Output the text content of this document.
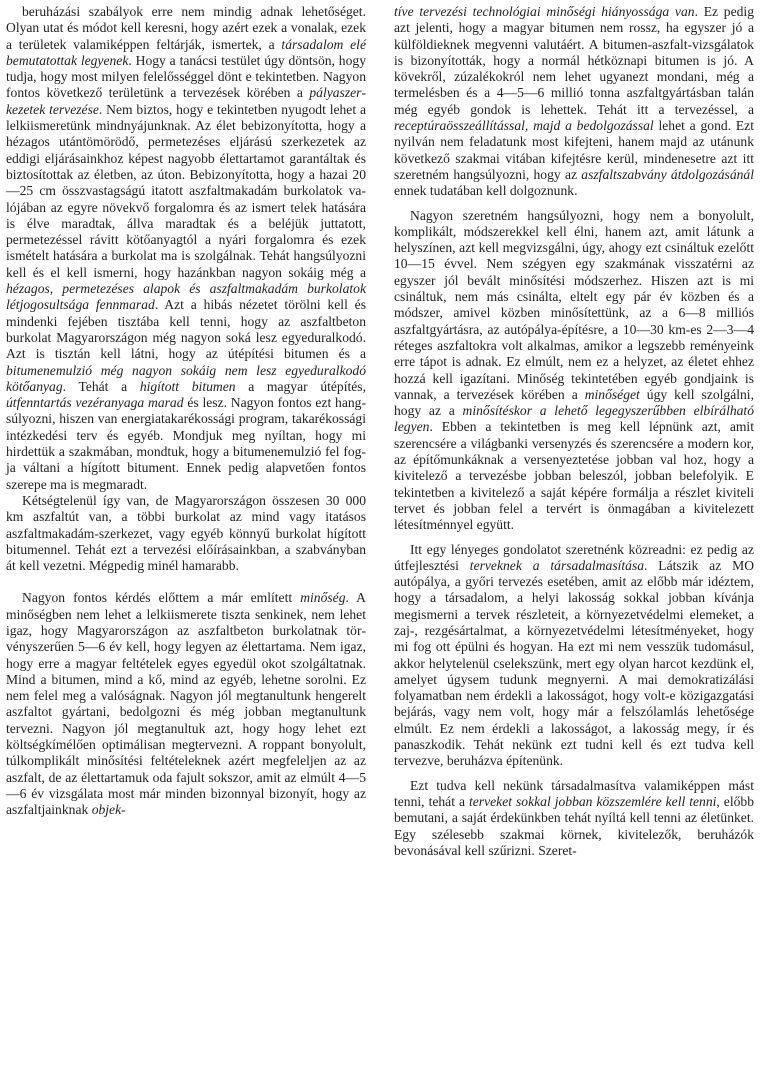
beruházási szabályok erre nem mindig adnak lehetőséget. Olyan utat és módot kell keresni, hogy azért ezek a vonalak, ezek a területek valamiképpen feltárják, ismertek, a társadalom elé bemutatottak legyenek. Hogy a tanácsi testület úgy döntsön, hogy tudja, hogy most milyen felelősséggel dönt e tekintetben. Nagyon fontos következő területünk a tervezések körében a pályaszerkezetek tervezése. Nem biztos, hogy e tekintetben nyugodt lehet a lelkiismeretünk mindnyájunknak. Az élet bebizonyította, hogy a hézagos utántömörödő, permetezéses eljárású szerkezetek az eddigi eljárásainkhoz képest nagyobb élettartamot garantáltak és biztosítottak az életben, az úton. Bebizonyította, hogy a hazai 20—25 cm összvastagságú itatott aszfaltmakadám burkolatok valójában az egyre növekvő forgalomra és az ismert telek hatására is élve maradtak, állva maradtak és a beléjük juttatott, permetezéssel rávitt kötőanyagtól a nyári forgalomra és ezek ismételt hatására a burkolat ma is szolgálnak. Tehát hangsúlyozni kell és el kell ismerni, hogy hazánkban nagyon sokáig még a hézagos, permetezéses alapok és aszfaltmakadám burkolatok létjogosultsága fennmarad. Azt a hibás nézetet törölni kell és mindenki fejében tisztába kell tenni, hogy az aszfaltbeton burkolat Magyarországon még nagyon soká lesz egyeduralkodó. Azt is tisztán kell látni, hogy az útépítési bitumen és a bitumenemulzió még nagyon sokáig nem lesz egyeduralkodó kötőanyag. Tehát a higított bitumen a magyar útépítés, útfenntartás vezéranyaga marad és lesz. Nagyon fontos ezt hangsúlyozni, hiszen van energiatakarékossági program, takarékossági intézkedési terv és egyéb. Mondjuk meg nyíltan, hogy mi hirdettük a szakmában, mondtuk, hogy a bitumenemulzió fel fogja váltani a hígított bitument. Ennek pedig alapvetően fontos szerepe ma is megmaradt.

Kétségtelenül így van, de Magyarországon összesen 30 000 km aszfaltút van, a többi burkolat az mind vagy itatásos aszfaltmakadám-szerkezet, vagy egyéb könnyű burkolat hígított bitumennel. Tehát ezt a tervezési előírásainkban, a szabványban át kell vezetni. Mégpedig minél hamarabb.

Nagyon fontos kérdés előttem a már említett minőség. A minőségben nem lehet a lelkiismerete tiszta senkinek, nem lehet igaz, hogy Magyarországon az aszfaltbeton burkolatnak törvényszerűen 5—6 év kell, hogy legyen az élettartama. Nem igaz, hogy erre a magyar feltételek egyes egyedül okot szolgáltatnak. Mind a bitumen, mind a kő, mind az egyéb, lehetne sorolni. Ez nem felel meg a valóságnak. Nagyon jól megtanultunk hengerelt aszfaltot gyártani, bedolgozni és még jobban megtanultunk tervezni. Nagyon jól megtanultuk azt, hogy hogy lehet ezt költségkímélően optimálisan megtervezni. A roppant bonyolult, túlkomplikált minősítési feltételeknek azért megfeleljen az az aszfalt, de az élettartamuk oda fajult sokszor, amit az elmúlt 4—5—6 év vizsgálata most már minden bizonnyal bizonyít, hogy az aszfaltjainknak objek-

tíve tervezési technológiai minőségi hiányossága van. Ez pedig azt jelenti, hogy a magyar bitumen nem rossz, ha egyszer jó a külföldieknek megvenni valutáért. A bitumen-aszfalt-vizsgálatok is bizonyították, hogy a normál hétköznapi bitumen is jó. A kövekről, zúzalékokról nem lehet ugyanezt mondani, még a termelésben és a 4—5—6 millió tonna aszfaltgyártásban talán még egyéb gondok is lehettek. Tehát itt a tervezéssel, a receptúraösszeállítással, majd a bedolgozással lehet a gond. Ezt nyilván nem feladatunk most kifejteni, hanem majd az utánunk következő szakmai vitában kifejtésre kerül, mindenesetre azt itt szeretném hangsúlyozni, hogy az aszfaltszabvány átdolgozásánál ennek tudatában kell dolgoznunk.

Nagyon szeretném hangsúlyozni, hogy nem a bonyolult, komplikált, módszerekkel kell élni, hanem azt, amit látunk a helyszínen, azt kell megvizsgálni, úgy, ahogy ezt csináltuk ezelőtt 10—15 évvel. Nem szégyen egy szakmának visszatérni az egyszer jól bevált minősítési módszerhez. Hiszen azt is mi csináltuk, nem más csinálta, eltelt egy pár év közben és a módszer, amivel közben minősítettünk, az a 6—8 milliós aszfaltgyártásra, az autópálya-építésre, a 10—30 km-es 2—3—4 réteges aszfaltokra volt alkalmas, amikor a legszebb reményeink erre tápot is adnak. Ez elmúlt, nem ez a helyzet, az életet ehhez hozzá kell igazítani. Minőség tekintetében egyéb gondjaink is vannak, a tervezések körében a minőséget úgy kell szolgálni, hogy az a minősítéskor a lehető legegyszerűbben elbírálható legyen. Ebben a tekintetben is meg kell lépnünk azt, amit szerencsére a világbanki versenyzés és szerencsére a modern kor, az építőmunkáknak a versenyeztetése jobban val hoz, hogy a kivitelező a tervezésbe jobban beleszól, jobban belefolyik. E tekintetben a kivitelező a saját képére formálja a részlet kiviteli tervet és jobban felel a tervért is önmagában a kivitelezett létesítménnyel együtt.

Itt egy lényeges gondolatot szeretnénk közreadni: ez pedig az útfejlesztési terveknek a társadalmasítása. Látszik az MO autópálya, a győri tervezés esetében, amit az előbb már idéztem, hogy a társadalom, a helyi lakosság sokkal jobban kívánja megismerni a tervek részleteit, a környezetvédelmi elemeket, a zaj-, rezgésártalmat, a környezetvédelmi létesítményeket, hogy mi fog ott épülni és hogyan. Ha ezt mi nem vesszük tudomásul, akkor helytelenül cselekszünk, mert egy olyan harcot kezdünk el, amelyet úgysem tudunk megnyerni. A mai demokratizálási folyamatban nem érdekli a lakosságot, hogy volt-e közigazgatási bejárás, vagy nem volt, hogy már a felszólamlás lehetősége elmúlt. Ez nem érdekli a lakosságot, a lakosság megy, ír és panaszkodik. Tehát nekünk ezt tudni kell és ezt tudva kell tervezve, beruházva építenünk.

Ezt tudva kell nekünk társadalmasítva valamiképpen mást tenni, tehát a terveket sokkal jobban közszemlére kell tenni, előbb bemutani, a saját érdekünkben tehát nyíltá kell tenni az életünket. Egy szélesebb szakmai körnek, kivitelezők, beruházók bevonásával kell szűrizni. Szeret-
